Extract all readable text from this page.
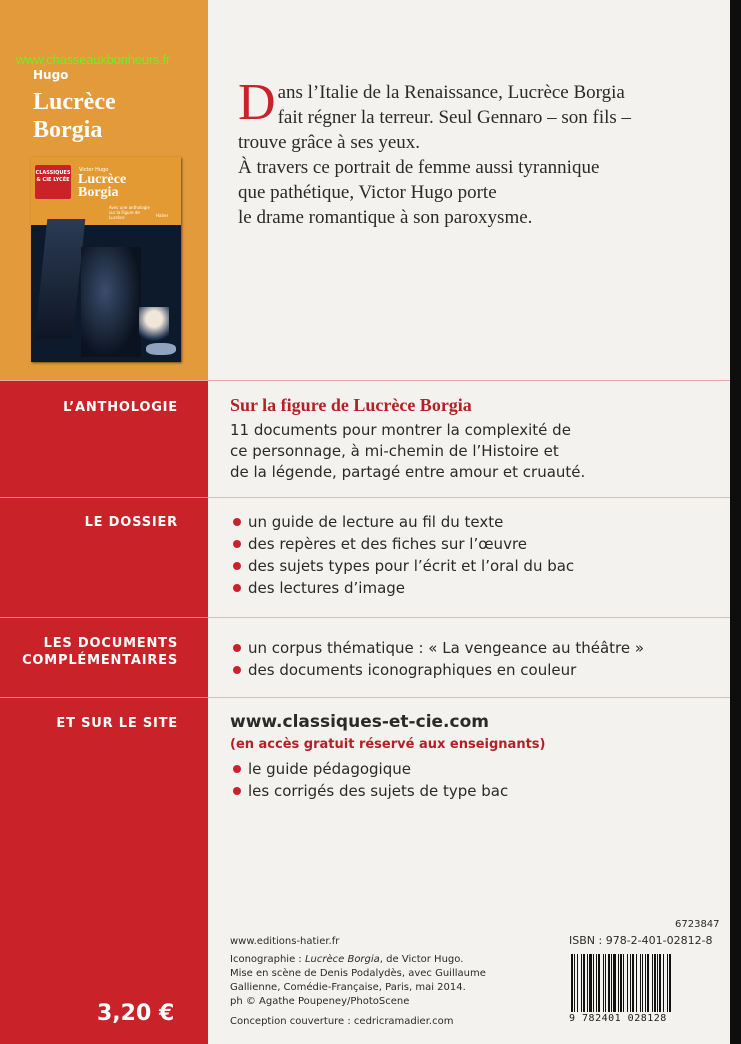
www.chasseauxbonheurs.fr
Hugo
Lucrèce
Borgia
CLASSIQUES & CIE LYCÉE
Victor Hugo
Lucrèce
Borgia
Avec une anthologie sur la Figure de Lucrèce	Hatier
D ans l’Italie de la Renaissance, Lucrèce Borgia

fait régner la terreur. Seul Gennaro – son fils –

trouve grâce à ses yeux.

À travers ce portrait de femme aussi tyrannique

que pathétique, Victor Hugo porte

le drame romantique à son paroxysme.

L’ANTHOLOGIE	Sur la figure de Lucrèce Borgia
11 documents pour montrer la complexité de
ce personnage, à mi-chemin de l’Histoire et
de la légende, partagé entre amour et cruauté.
LE DOSSIER	un guide de lecture au fil du texte
des repères et des fiches sur l’œuvre
des sujets types pour l’écrit et l’oral du bac
des lectures d’image
LES DOCUMENTS
COMPLÉMENTAIRES
un corpus thématique : « La vengeance au théâtre »
des documents iconographiques en couleur
ET SUR LE SITE	www.classiques-et-cie.com
(en accès gratuit réservé aux enseignants)
le guide pédagogique
les corrigés des sujets de type bac
3,20 €
www.editions-hatier.fr
Iconographie : Lucrèce Borgia, de Victor Hugo.
Mise en scène de Denis Podalydès, avec Guillaume
Gallienne, Comédie-Française, Paris, mai 2014.
ph © Agathe Poupeney/PhotoScene
Conception couverture : cedricramadier.com
6723847
ISBN : 978-2-401-02812-8
9 782401 028128
